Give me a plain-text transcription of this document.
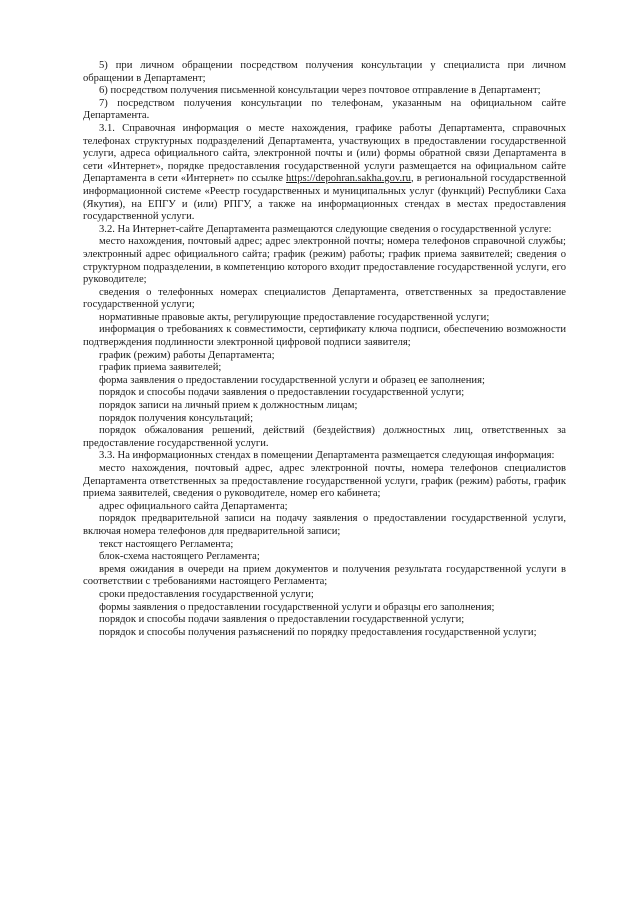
5) при личном обращении посредством получения консультации у специалиста при личном обращении в Департамент;

6) посредством получения письменной консультации через почтовое отправление в Департамент;

7) посредством получения консультации по телефонам, указанным на официальном сайте Департамента.

3.1. Справочная информация о месте нахождения, графике работы Департамента, справочных телефонах структурных подразделений Департамента, участвующих в предоставлении государственной услуги, адреса официального сайта, электронной почты и (или) формы обратной связи Департамента в сети «Интернет», порядке предоставления государственной услуги размещается на официальном сайте Департамента в сети «Интернет» по ссылке https://depohran.sakha.gov.ru, в региональной государственной информационной системе «Реестр государственных и муниципальных услуг (функций) Республики Саха (Якутия), на ЕПГУ и (или) РПГУ, а также на информационных стендах в местах предоставления государственной услуги.

3.2. На Интернет-сайте Департамента размещаются следующие сведения о государственной услуге:

место нахождения, почтовый адрес; адрес электронной почты; номера телефонов справочной службы; электронный адрес официального сайта; график (режим) работы; график приема заявителей; сведения о структурном подразделении, в компетенцию которого входит предоставление государственной услуги, его руководителе;

сведения о телефонных номерах специалистов Департамента, ответственных за предоставление государственной услуги;

нормативные правовые акты, регулирующие предоставление государственной услуги;

информация о требованиях к совместимости, сертификату ключа подписи, обеспечению возможности подтверждения подлинности электронной цифровой подписи заявителя;

график (режим) работы Департамента;

график приема заявителей;

форма заявления о предоставлении государственной услуги и образец ее заполнения;

порядок и способы подачи заявления о предоставлении государственной услуги;

порядок записи на личный прием к должностным лицам;

порядок получения консультаций;

порядок обжалования решений, действий (бездействия) должностных лиц, ответственных за предоставление государственной услуги.

3.3. На информационных стендах в помещении Департамента размещается следующая информация:

место нахождения, почтовый адрес, адрес электронной почты, номера телефонов специалистов Департамента ответственных за предоставление государственной услуги, график (режим) работы, график приема заявителей, сведения о руководителе, номер его кабинета;

адрес официального сайта Департамента;

порядок предварительной записи на подачу заявления о предоставлении государственной услуги, включая номера телефонов для предварительной записи;

текст настоящего Регламента;

блок-схема настоящего Регламента;

время ожидания в очереди на прием документов и получения результата государственной услуги в соответствии с требованиями настоящего Регламента;

сроки предоставления государственной услуги;

формы заявления о предоставлении государственной услуги и образцы его заполнения;

порядок и способы подачи заявления о предоставлении государственной услуги;

порядок и способы получения разъяснений по порядку предоставления государственной услуги;
